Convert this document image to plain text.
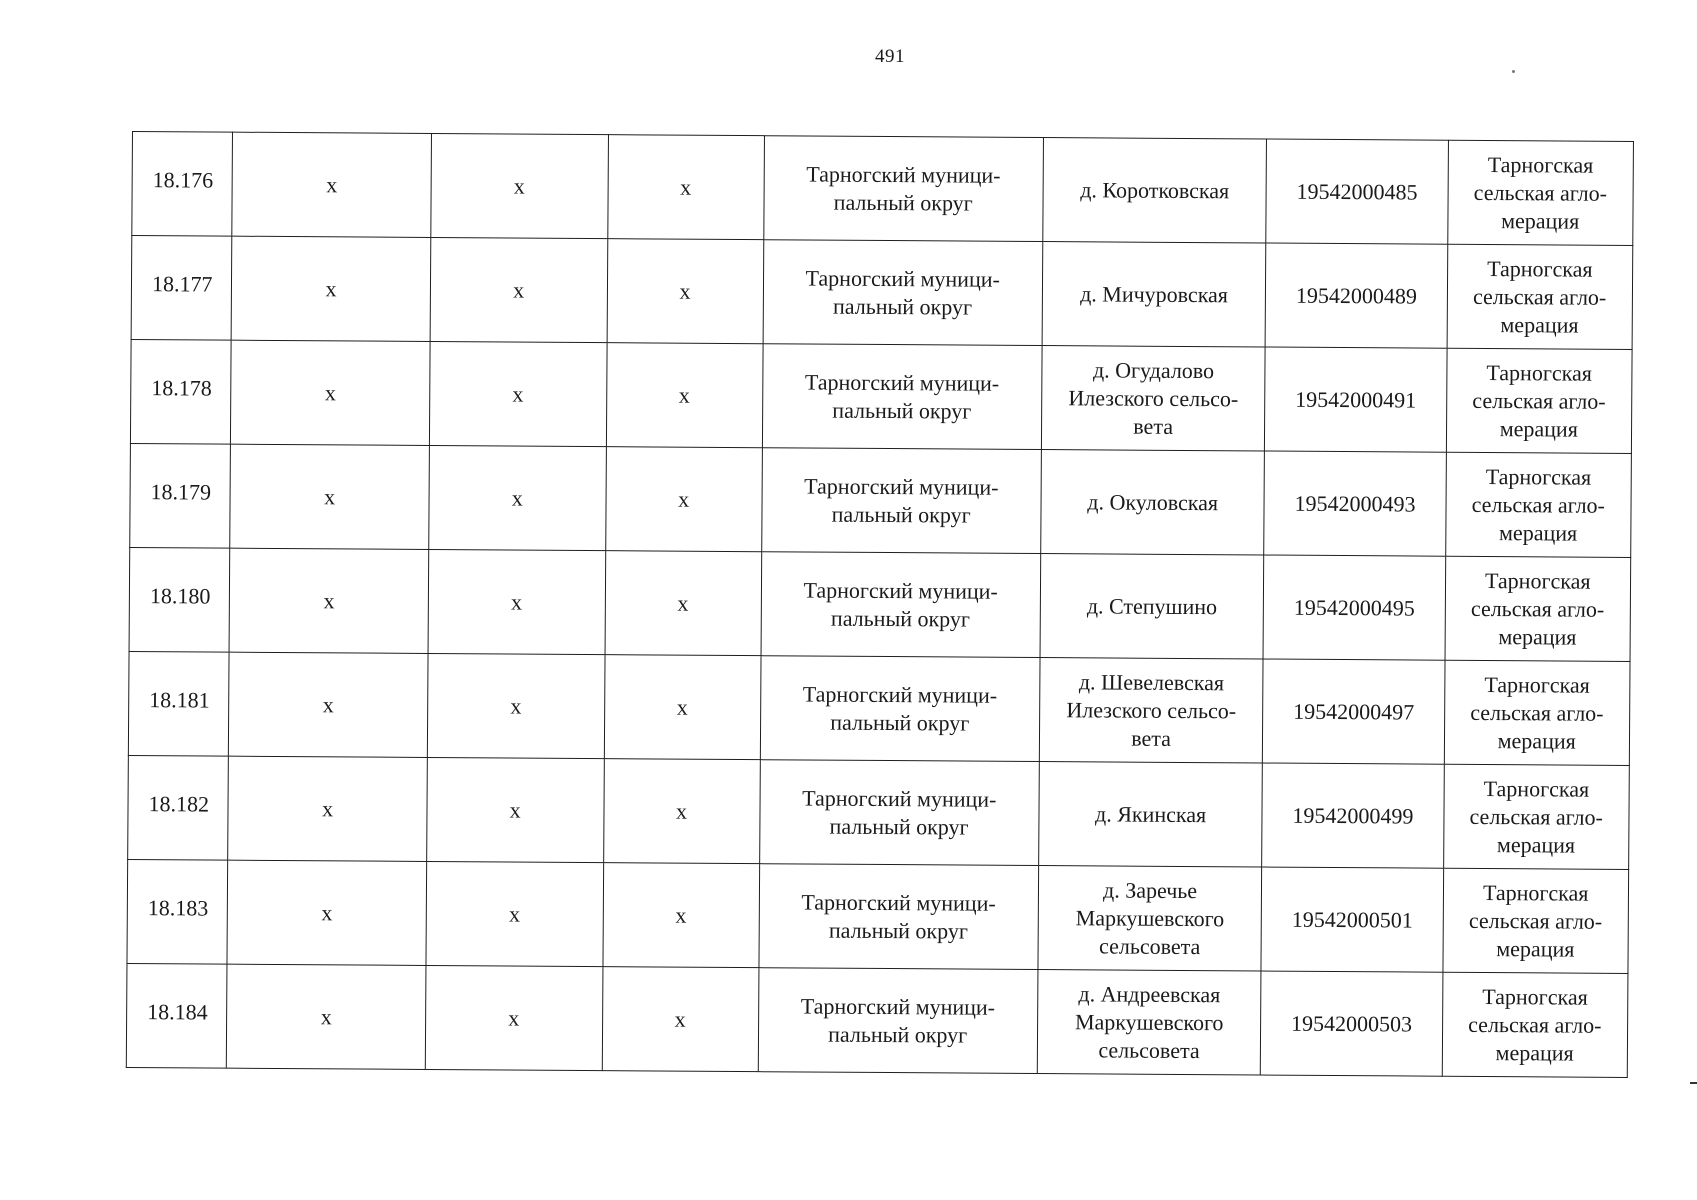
491
18.176	х	х	х	Тарногский муници-
пальный округ	д. Коротковская	19542000485	Тарногская
сельская агло-
мерация

18.177	х	х	х	Тарногский муници-
пальный округ	д. Мичуровская	19542000489	Тарногская
сельская агло-
мерация

18.178	х	х	х	Тарногский муници-
пальный округ	д. Огудалово
Илезского сельсо-
вета	19542000491	Тарногская
сельская агло-
мерация

18.179	х	х	х	Тарногский муници-
пальный округ	д. Окуловская	19542000493	Тарногская
сельская агло-
мерация

18.180	х	х	х	Тарногский муници-
пальный округ	д. Степушино	19542000495	Тарногская
сельская агло-
мерация

18.181	х	х	х	Тарногский муници-
пальный округ	д. Шевелевская
Илезского сельсо-
вета	19542000497	Тарногская
сельская агло-
мерация

18.182	х	х	х	Тарногский муници-
пальный округ	д. Якинская	19542000499	Тарногская
сельская агло-
мерация

18.183	х	х	х	Тарногский муници-
пальный округ	д. Заречье
Маркушевского
сельсовета	19542000501	Тарногская
сельская агло-
мерация

18.184	х	х	х	Тарногский муници-
пальный округ	д. Андреевская
Маркушевского
сельсовета	19542000503	Тарногская
сельская агло-
мерация
